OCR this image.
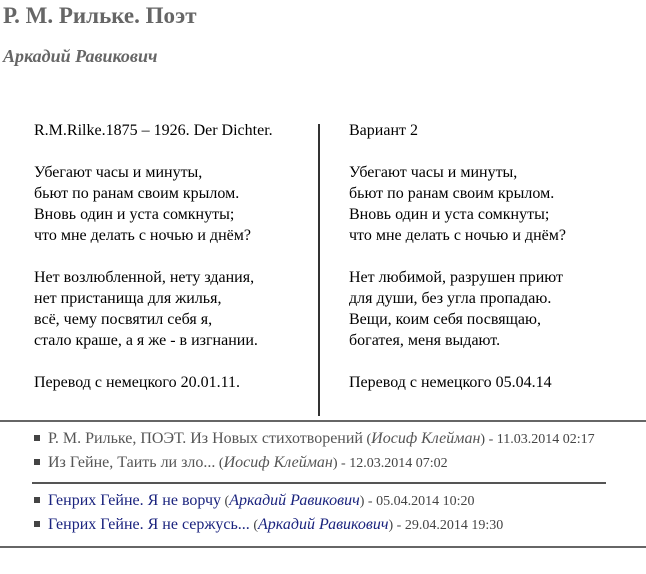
Р. М. Рильке. Поэт
Аркадий Равикович
R.M.Rilke.1875 – 1926. Der Dichter.
Убегают часы и минуты,
бьют по ранам своим крылом.
Вновь один и уста сомкнуты;
что мне делать с ночью и днём?
Нет возлюбленной, нету здания,
нет пристанища для жилья,
всё, чему посвятил себя я,
стало краше, а я же - в изгнании.
Перевод с немецкого 20.01.11.
Вариант 2
Убегают часы и минуты,
бьют по ранам своим крылом.
Вновь один и уста сомкнуты;
что мне делать с ночью и днём?
Нет любимой, разрушен приют
для души, без угла пропадаю.
Вещи, коим себя посвящаю,
богатея, меня выдают.
Перевод с немецкого 05.04.14
Р. М. Рильке, ПОЭТ. Из Новых стихотворений (Иосиф Клейман) - 11.03.2014 02:17
Из Гейне, Таить ли зло... (Иосиф Клейман) - 12.03.2014 07:02
Генрих Гейне. Я не ворчу (Аркадий Равикович) - 05.04.2014 10:20
Генрих Гейне. Я не сержусь... (Аркадий Равикович) - 29.04.2014 19:30
